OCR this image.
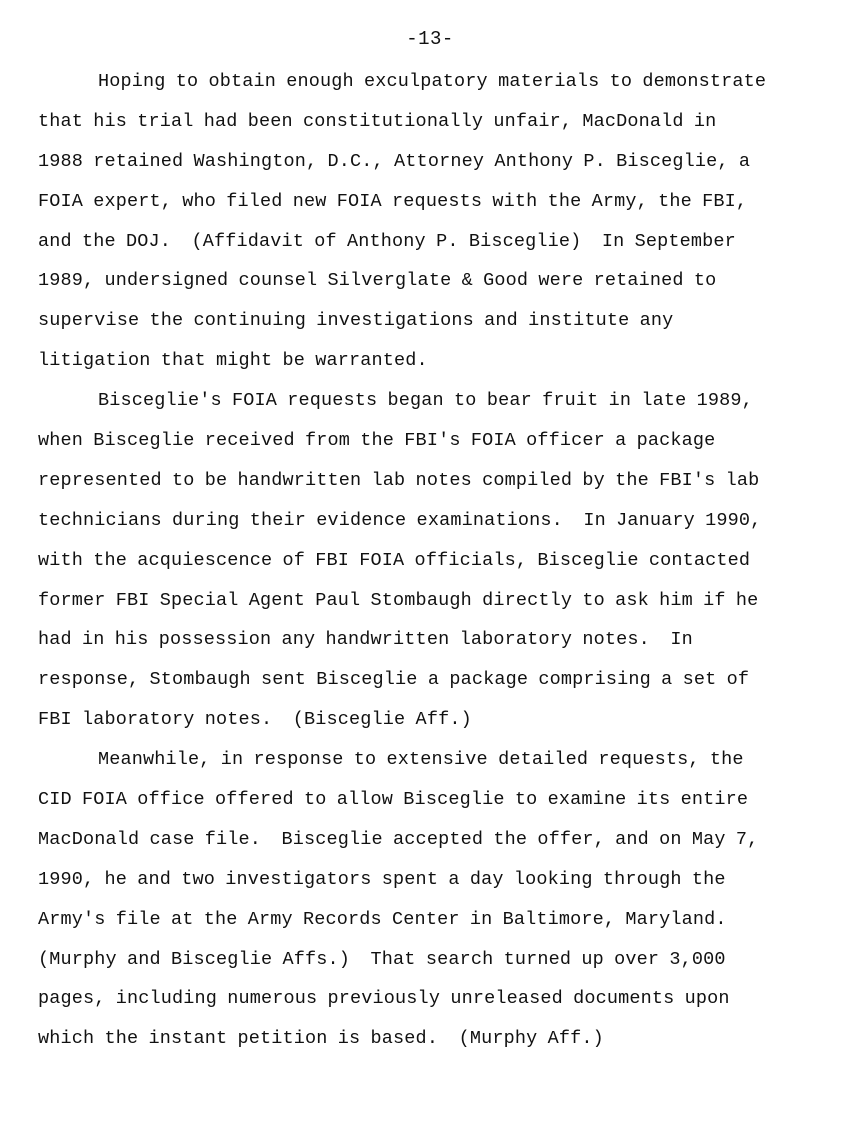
-13-
Hoping to obtain enough exculpatory materials to demonstrate
that his trial had been constitutionally unfair, MacDonald in
1988 retained Washington, D.C., Attorney Anthony P. Bisceglie, a
FOIA expert, who filed new FOIA requests with the Army, the FBI,
and the DOJ.  (Affidavit of Anthony P. Bisceglie)  In September
1989, undersigned counsel Silverglate & Good were retained to
supervise the continuing investigations and institute any
litigation that might be warranted.
Bisceglie's FOIA requests began to bear fruit in late 1989,
when Bisceglie received from the FBI's FOIA officer a package
represented to be handwritten lab notes compiled by the FBI's lab
technicians during their evidence examinations.  In January 1990,
with the acquiescence of FBI FOIA officials, Bisceglie contacted
former FBI Special Agent Paul Stombaugh directly to ask him if he
had in his possession any handwritten laboratory notes.  In
response, Stombaugh sent Bisceglie a package comprising a set of
FBI laboratory notes.  (Bisceglie Aff.)
Meanwhile, in response to extensive detailed requests, the
CID FOIA office offered to allow Bisceglie to examine its entire
MacDonald case file.  Bisceglie accepted the offer, and on May 7,
1990, he and two investigators spent a day looking through the
Army's file at the Army Records Center in Baltimore, Maryland.
(Murphy and Bisceglie Affs.)  That search turned up over 3,000
pages, including numerous previously unreleased documents upon
which the instant petition is based.  (Murphy Aff.)
